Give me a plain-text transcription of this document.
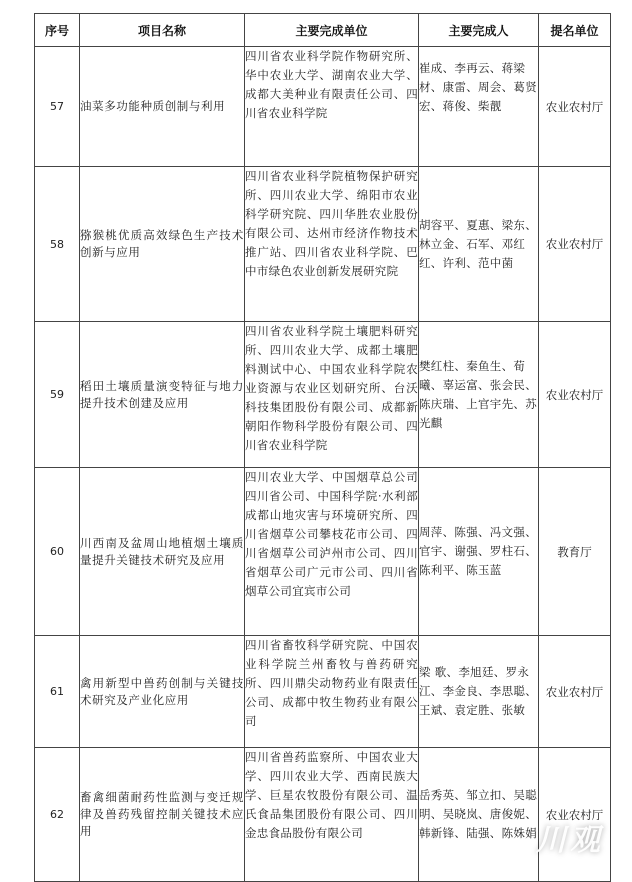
序号	项目名称	主要完成单位	主要完成人	提名单位
57	油菜多功能种质创制与利用	四川省农业科学院作物研究所、华中农业大学、湖南农业大学、成都大美种业有限责任公司、四川省农业科学院	崔成、李再云、蒋梁材、康雷、周会、葛贤宏、蒋俊、柴靓	农业农村厅
58	猕猴桃优质高效绿色生产技术创新与应用	四川省农业科学院植物保护研究所、四川农业大学、绵阳市农业科学研究院、四川华胜农业股份有限公司、达州市经济作物技术推广站、四川省农业科学院、巴中市绿色农业创新发展研究院	胡容平、夏惠、梁东、林立金、石军、邓红红、许利、范中菌	农业农村厅
59	稻田土壤质量演变特征与地力提升技术创建及应用	四川省农业科学院土壤肥料研究所、四川农业大学、成都土壤肥料测试中心、中国农业科学院农业资源与农业区划研究所、台沃科技集团股份有限公司、成都新朝阳作物科学股份有限公司、四川省农业科学院	樊红柱、秦鱼生、荀曦、辜运富、张会民、陈庆瑞、上官宇先、苏光麒	农业农村厅
60	川西南及盆周山地植烟土壤质量提升关键技术研究及应用	四川农业大学、中国烟草总公司四川省公司、中国科学院·水利部成都山地灾害与环境研究所、四川省烟草公司攀枝花市公司、四川省烟草公司泸州市公司、四川省烟草公司广元市公司、四川省烟草公司宜宾市公司	周萍、陈强、冯文强、官宇、谢强、罗柱石、陈利平、陈玉蓝	教育厅
61	禽用新型中兽药创制与关键技术研究及产业化应用	四川省畜牧科学研究院、中国农业科学院兰州畜牧与兽药研究所、四川鼎尖动物药业有限责任公司、成都中牧生物药业有限公司	梁 歌、李旭廷、罗永江、李金良、李思聪、王斌、袁定胜、张敏	农业农村厅
62	畜禽细菌耐药性监测与变迁规律及兽药残留控制关键技术应用	四川省兽药监察所、中国农业大学、四川农业大学、西南民族大学、巨星农牧股份有限公司、温氏食品集团股份有限公司、四川金忠食品股份有限公司	岳秀英、邹立扣、吴聪明、吴晓岚、唐俊妮、韩新锋、陆强、陈姝娟	农业农村厅
川观
